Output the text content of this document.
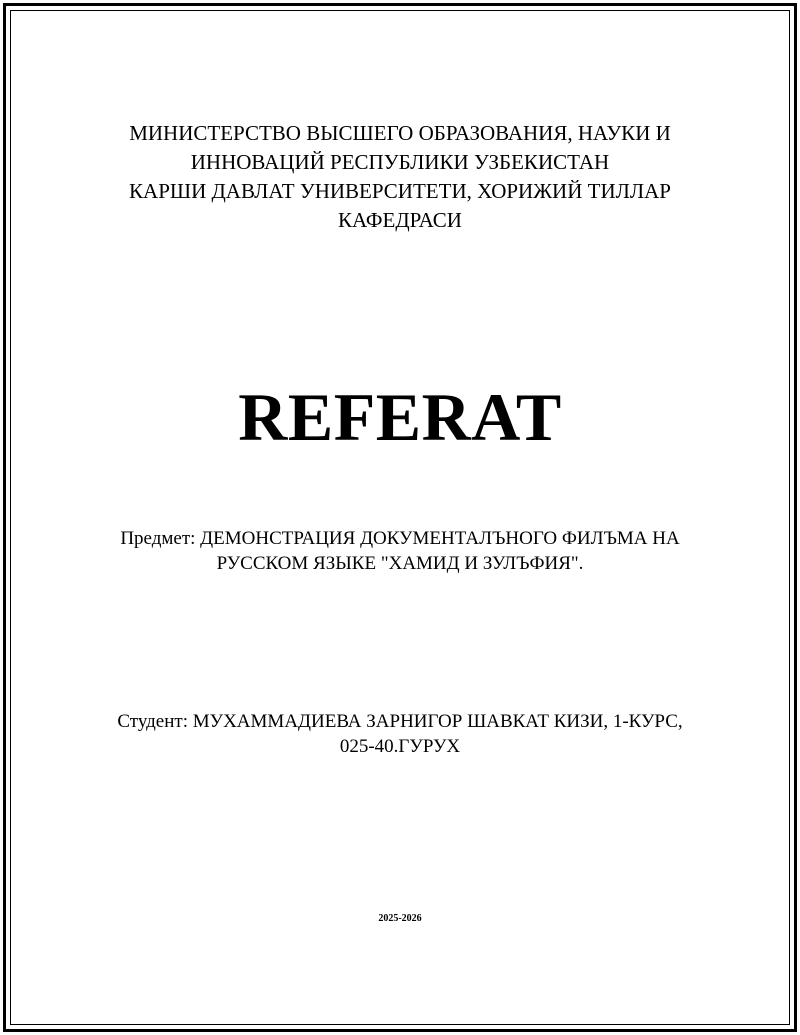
МИНИСТЕРСТВО ВЫСШЕГО ОБРАЗОВАНИЯ, НАУКИ И
ИННОВАЦИЙ РЕСПУБЛИКИ УЗБЕКИСТАН
КАРШИ ДАВЛАТ УНИВЕРСИТЕТИ, ХОРИЖИЙ ТИЛЛАР
КАФЕДРАСИ
REFERAT
Предмет: ДЕМОНСТРАЦИЯ ДОКУМЕНТАЛЪНОГО ФИЛЪМА НА
РУССКОМ ЯЗЫКЕ "ХАМИД И ЗУЛЪФИЯ".
Студент: МУХАММАДИЕВА ЗАРНИГОР ШАВКАТ КИЗИ, 1-КУРС,
025-40.ГУРУХ
2025-2026
